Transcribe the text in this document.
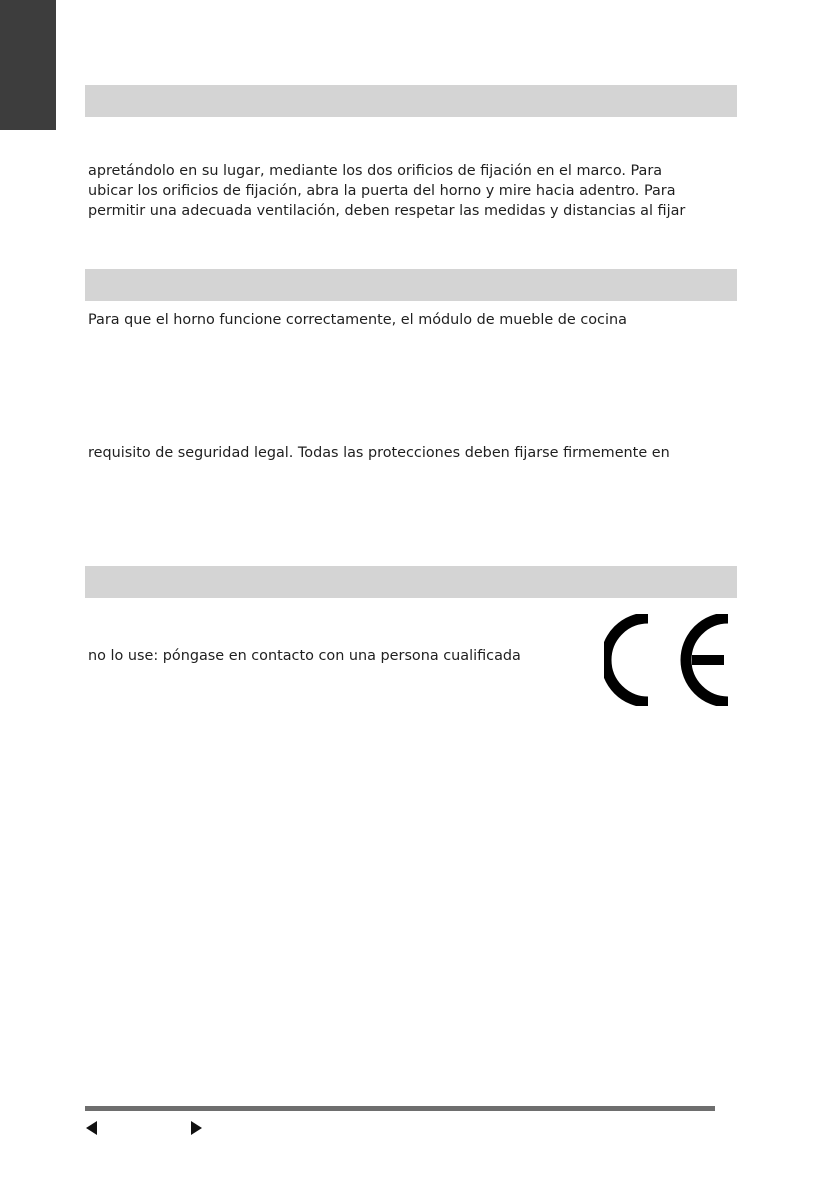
apretándolo en su lugar, mediante los dos orificios de fijación en el marco. Para

ubicar los orificios de fijación, abra la puerta del horno y mire hacia adentro. Para

permitir una adecuada ventilación, deben respetar las medidas y distancias al fijar

Para que el horno funcione correctamente, el módulo de mueble de cocina

requisito de seguridad legal. Todas las protecciones deben fijarse firmemente en

no lo use: póngase en contacto con una persona cualificada
